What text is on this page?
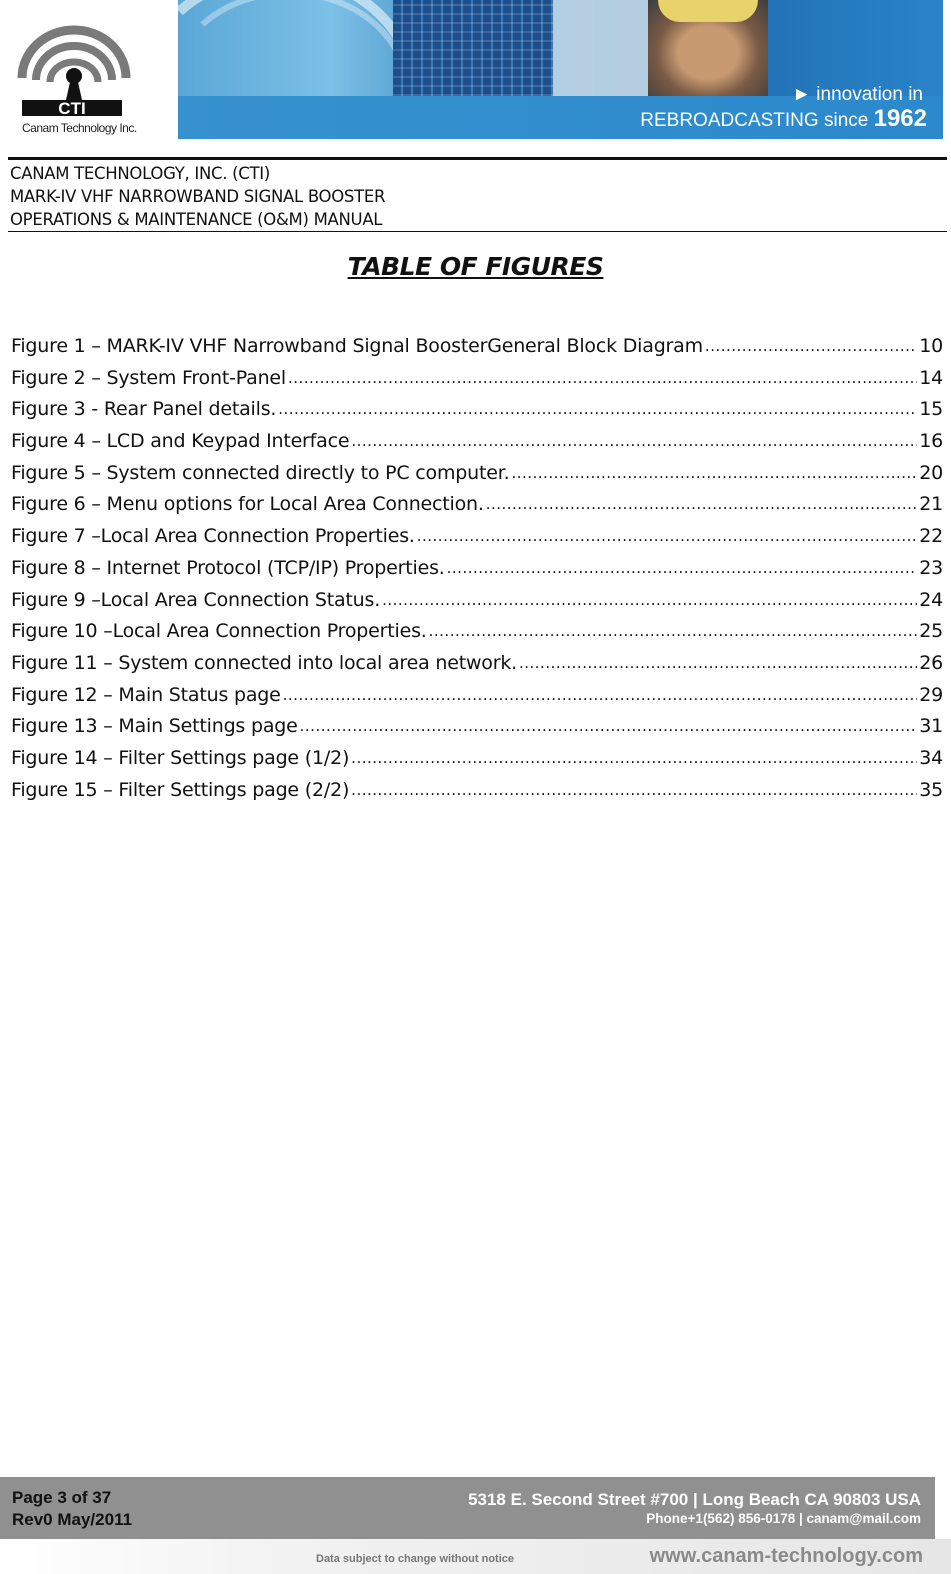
CTI
Canam Technology Inc.
► innovation in
REBROADCASTING since 1962
CANAM TECHNOLOGY, INC. (CTI)
MARK-IV VHF NARROWBAND SIGNAL BOOSTER
OPERATIONS & MAINTENANCE (O&M) MANUAL
TABLE OF FIGURES
Figure 1 – MARK-IV VHF Narrowband Signal BoosterGeneral Block Diagram .....	10
Figure 2 – System Front-Panel .....	14
Figure 3 - Rear Panel details. .....	15
Figure 4 – LCD and Keypad Interface .....	16
Figure 5 – System connected directly to PC computer. .....	20
Figure 6 – Menu options for Local Area Connection. .....	21
Figure 7 –Local Area Connection Properties. .....	22
Figure 8 – Internet Protocol (TCP/IP) Properties. .....	23
Figure 9 –Local Area Connection Status. .....	24
Figure 10 –Local Area Connection Properties. .....	25
Figure 11 – System connected into local area network. .....	26
Figure 12 – Main Status page .....	29
Figure 13 – Main Settings page .....	31
Figure 14 – Filter Settings page (1/2) .....	34
Figure 15 – Filter Settings page (2/2) .....	35
Page 3 of 37
Rev0 May/2011
5318 E. Second Street #700 | Long Beach CA 90803 USA
Phone+1(562) 856-0178 | canam@mail.com
Data subject to change without notice	www.canam-technology.com
